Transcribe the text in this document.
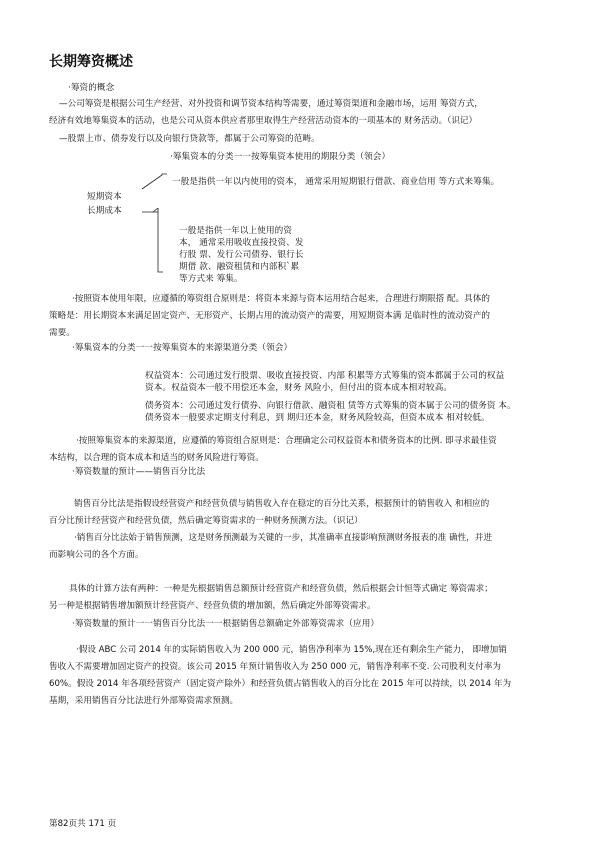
长期筹资概述
·筹资的概念
—公司筹资是根据公司生产经营、对外投资和调节资本结构等需要，通过筹资渠道和金融市场，运用 筹资方式，
经济有效地筹集资本的活动，也是公司从资本供应者那里取得生产经营活动资本的一项基本的 财务活动。（识记）
—股票上市、债券发行以及向银行贷款等，都属于公司筹资的范畴。
·筹集资本的分类一一按筹集资本使用的期限分类（领会）
一般是指供一年以内使用的资本， 通常采用短期银行借款、商业信用 等方式来筹集。
短期资本
长期成本
一般是指供一年以上使用的资
本， 通常采用吸收直接投资、发
行股 票、发行公司债券、银行长
期借 款、融资租赁和内部积`累
等方式来 筹集。
·按照资本使用年限，应遵循的筹资组合原则是：将资本来源与资本运用结合起来，合理进行期限搭 配。具体的
策略是：用长期资本来满足固定资产、无形资产、长期占用的流动资产的需要，用短期资本满 足临时性的流动资产的
需要。
·筹集资本的分类一一按筹集资本的来源渠道分类（领会）
权益资本：公司通过发行股票、吸收直接投资、内部 积累等方式筹集的资本都属于公司的权益
资本。权益资本一般不用偿还本金，财务 风险小，但付出的资本成本相对较高。
债务资本：公司通过发行债券、向银行借款、融资租 赁等方式筹集的资本属于公司的债务资 本。
债务资本一般要求定期支付利息，到 期归还本金，财务风险较高，但资本成本 相对较低。
·按照筹集资本的来源渠道，应遵循的筹资组合原则是：合理确定公司权益资本和债务资本的比例. 即寻求最佳资
本结构，以合理的资本成本和适当的财务风险进行筹资。
·筹资数量的预计——销售百分比法
销售百分比法是指假设经营资产和经营负债与销售收入存在稳定的百分比关系，根据预计的销售收入 和相应的
百分比预计经营资产和经营负债，然后确定筹资需求的一种财务预测方法。（识记）
·销售百分比法始于销售预测，这是财务预测最为关键的一步，其准确率直接影响预测财务报表的准 确性，并进
而影响公司的各个方面。
具体的计算方法有两种：一种是先根据销售总额预计经营资产和经营负债，然后根据会计恒等式确定 筹资需求；
另一种是根据销售增加额预计经营资产、经营负债的增加额，然后确定外部筹资需求。
·筹资数量的预计一一销售百分比法一一根据销售总额确定外部筹资需求（应用）
·假设 ABC 公司 2014 年的实际销售收入为 200 000 元，销售净利率为 15%,现在还有剩余生产能力， 即增加销
售收入不需要增加固定资产的投资。该公司 2015 年预计销售收入为 250 000 元，销售净利率不变. 公司股利支付率为
60%。假设 2014 年各项经营资产（固定资产除外）和经营负债占销售收入的百分比在 2015 年可以持续，以 2014 年为
基期，采用销售百分比法进行外部筹资需求预测。
第82页共 171 页
